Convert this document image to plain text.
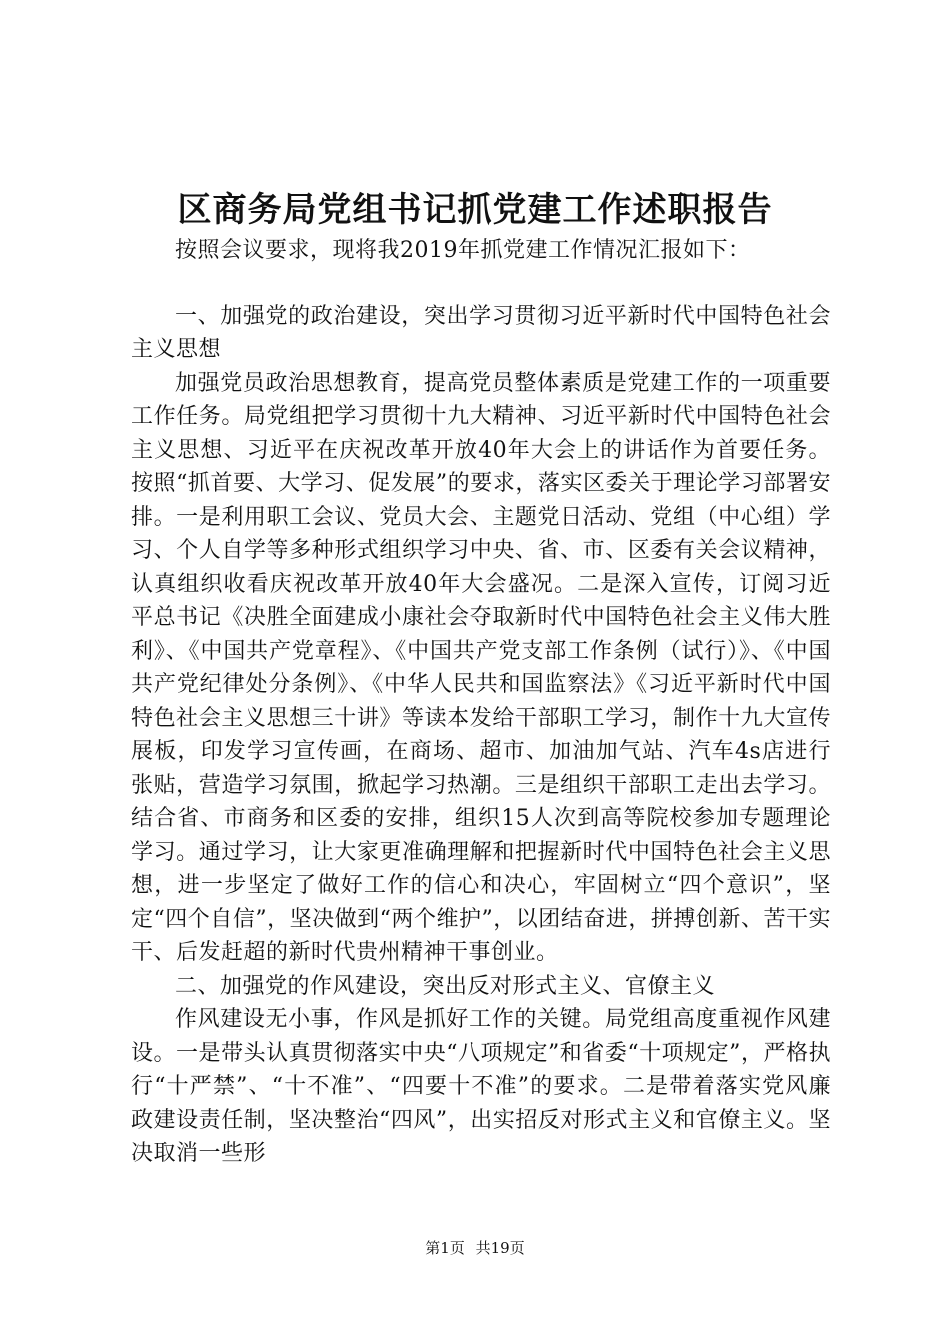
区商务局党组书记抓党建工作述职报告

按照会议要求，现将我2019年抓党建工作情况汇报如下：

一、加强党的政治建设，突出学习贯彻习近平新时代中国特色社会主义思想

加强党员政治思想教育，提高党员整体素质是党建工作的一项重要工作任务。局党组把学习贯彻十九大精神、习近平新时代中国特色社会主义思想、习近平在庆祝改革开放40年大会上的讲话作为首要任务。按照“抓首要、大学习、促发展”的要求，落实区委关于理论学习部署安排。一是利用职工会议、党员大会、主题党日活动、党组（中心组）学习、个人自学等多种形式组织学习中央、省、市、区委有关会议精神，认真组织收看庆祝改革开放40年大会盛况。二是深入宣传，订阅习近平总书记《决胜全面建成小康社会夺取新时代中国特色社会主义伟大胜利》、《中国共产党章程》、《中国共产党支部工作条例（试行）》、《中国共产党纪律处分条例》、《中华人民共和国监察法》《习近平新时代中国特色社会主义思想三十讲》等读本发给干部职工学习，制作十九大宣传展板，印发学习宣传画，在商场、超市、加油加气站、汽车4s店进行张贴，营造学习氛围，掀起学习热潮。三是组织干部职工走出去学习。结合省、市商务和区委的安排，组织15人次到高等院校参加专题理论学习。通过学习，让大家更准确理解和把握新时代中国特色社会主义思想，进一步坚定了做好工作的信心和决心，牢固树立“四个意识”，坚定“四个自信”，坚决做到“两个维护”，以团结奋进，拼搏创新、苦干实干、后发赶超的新时代贵州精神干事创业。

二、加强党的作风建设，突出反对形式主义、官僚主义

作风建设无小事，作风是抓好工作的关键。局党组高度重视作风建设。一是带头认真贯彻落实中央“八项规定”和省委“十项规定”，严格执行“十严禁”、“十不准”、“四要十不准”的要求。二是带着落实党风廉政建设责任制，坚决整治“四风”，出实招反对形式主义和官僚主义。坚决取消一些形

第1页 共19页
